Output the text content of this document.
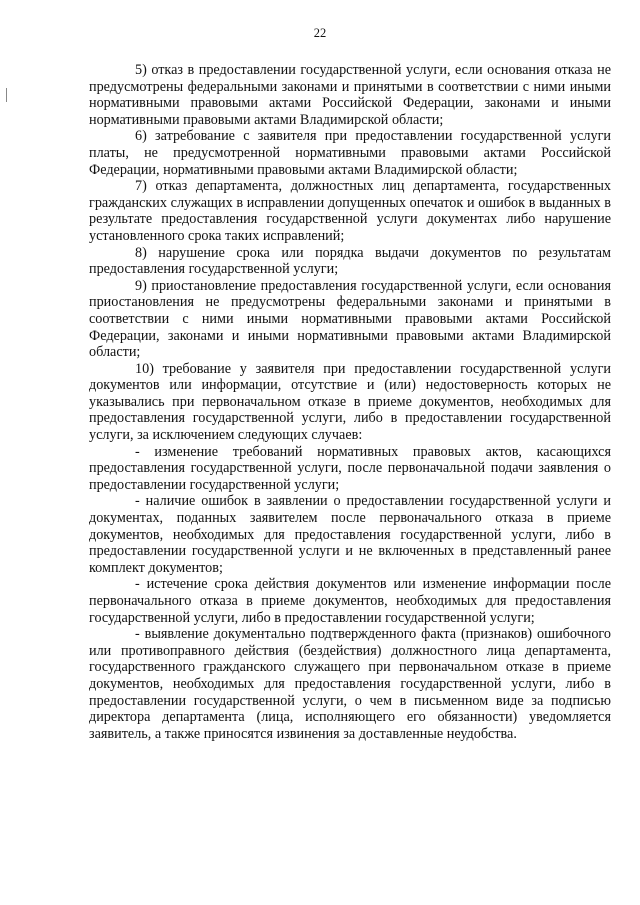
22

5) отказ в предоставлении государственной услуги, если основания отказа не предусмотрены федеральными законами и принятыми в соответствии с ними иными нормативными правовыми актами Российской Федерации, законами и иными нормативными правовыми актами Владимирской области;

6) затребование с заявителя при предоставлении государственной услуги платы, не предусмотренной нормативными правовыми актами Российской Федерации, нормативными правовыми актами Владимирской области;

7) отказ департамента, должностных лиц департамента, государственных гражданских служащих в исправлении допущенных опечаток и ошибок в выданных в результате предоставления государственной услуги документах либо нарушение установленного срока таких исправлений;

8) нарушение срока или порядка выдачи документов по результатам предоставления государственной услуги;

9) приостановление предоставления государственной услуги, если основания приостановления не предусмотрены федеральными законами и принятыми в соответствии с ними иными нормативными правовыми актами Российской Федерации, законами и иными нормативными правовыми актами Владимирской области;

10) требование у заявителя при предоставлении государственной услуги документов или информации, отсутствие и (или) недостоверность которых не указывались при первоначальном отказе в приеме документов, необходимых для предоставления государственной услуги, либо в предоставлении государственной услуги, за исключением следующих случаев:

- изменение требований нормативных правовых актов, касающихся предоставления государственной услуги, после первоначальной подачи заявления о предоставлении государственной услуги;

- наличие ошибок в заявлении о предоставлении государственной услуги и документах, поданных заявителем после первоначального отказа в приеме документов, необходимых для предоставления государственной услуги, либо в предоставлении государственной услуги и не включенных в представленный ранее комплект документов;

- истечение срока действия документов или изменение информации после первоначального отказа в приеме документов, необходимых для предоставления государственной услуги, либо в предоставлении государственной услуги;

- выявление документально подтвержденного факта (признаков) ошибочного или противоправного действия (бездействия) должностного лица департамента, государственного гражданского служащего при первоначальном отказе в приеме документов, необходимых для предоставления государственной услуги, либо в предоставлении государственной услуги, о чем в письменном виде за подписью директора департамента (лица, исполняющего его обязанности) уведомляется заявитель, а также приносятся извинения за доставленные неудобства.
